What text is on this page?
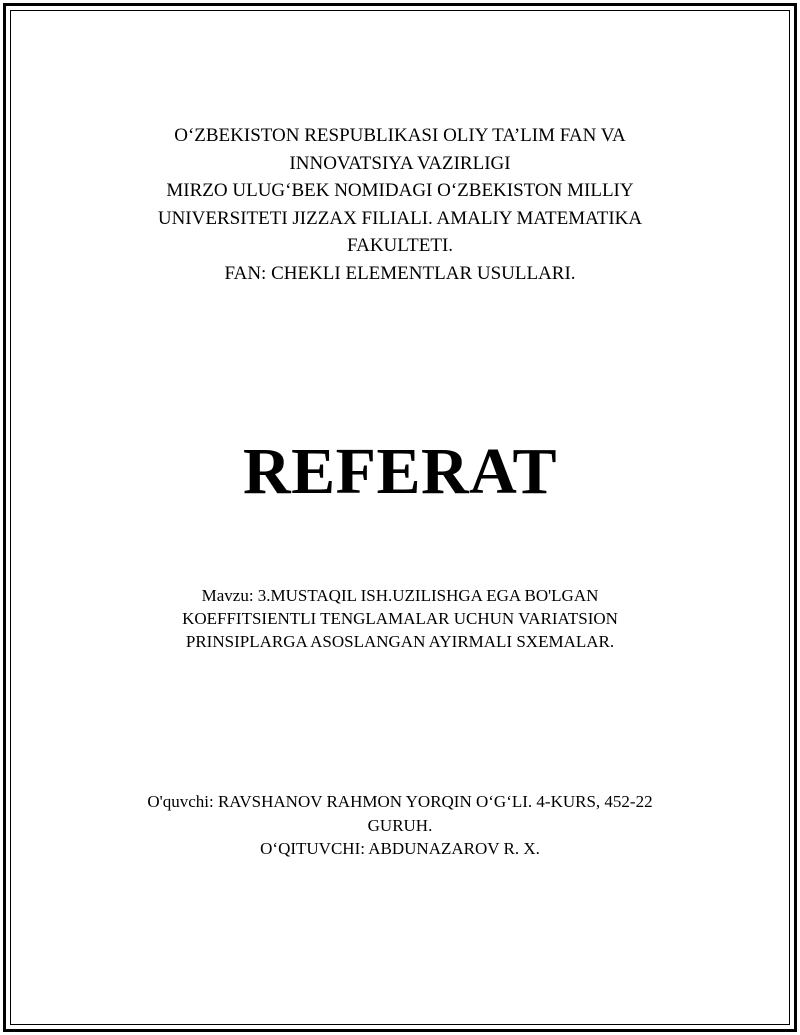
O‘ZBEKISTON RESPUBLIKASI OLIY TA’LIM FAN VA
INNOVATSIYA VAZIRLIGI
MIRZO ULUG‘BEK NOMIDAGI O‘ZBEKISTON MILLIY
UNIVERSITETI JIZZAX FILIALI. AMALIY MATEMATIKA
FAKULTETI.
FAN: CHEKLI ELEMENTLAR USULLARI.
REFERAT
Mavzu: 3.MUSTAQIL ISH.UZILISHGA EGA BO'LGAN
KOEFFITSIENTLI TENGLAMALAR UCHUN VARIATSION
PRINSIPLARGA ASOSLANGAN AYIRMALI SXEMALAR.
O'quvchi: RAVSHANOV RAHMON YORQIN O‘G‘LI. 4-KURS, 452-22
GURUH.
O‘QITUVCHI: ABDUNAZAROV R. X.
